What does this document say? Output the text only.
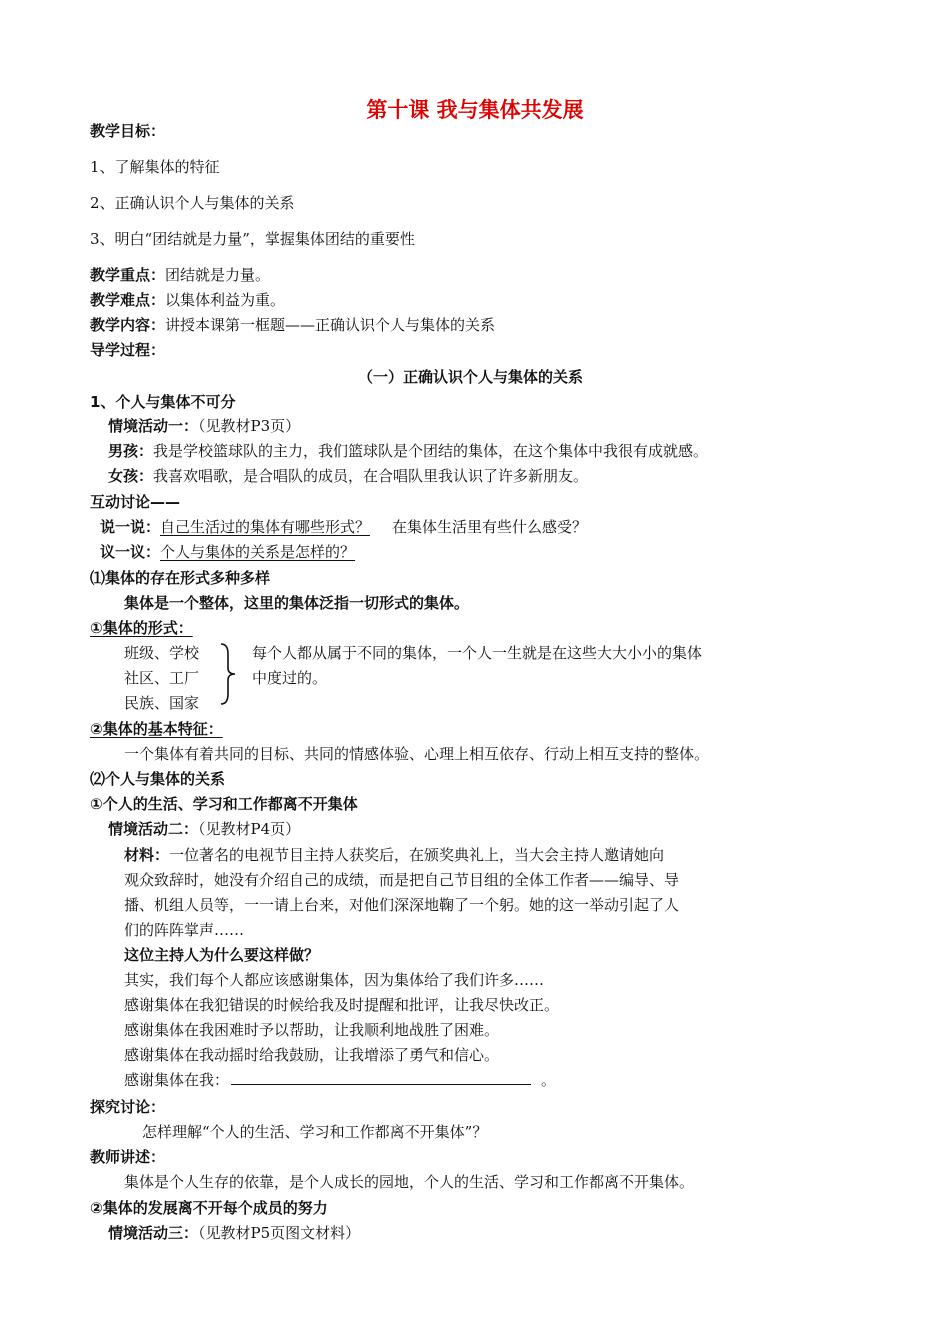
第十课 我与集体共发展
教学目标：
1、了解集体的特征
2、正确认识个人与集体的关系
3、明白“团结就是力量”，掌握集体团结的重要性
教学重点：团结就是力量。
教学难点：以集体利益为重。
教学内容：讲授本课第一框题——正确认识个人与集体的关系
导学过程：
（一）正确认识个人与集体的关系
1、个人与集体不可分
情境活动一：（见教材P3页）
男孩：我是学校篮球队的主力，我们篮球队是个团结的集体，在这个集体中我很有成就感。
女孩：我喜欢唱歌，是合唱队的成员，在合唱队里我认识了许多新朋友。
互动讨论——
说一说：自己生活过的集体有哪些形式？ 在集体生活里有些什么感受？
议一议：个人与集体的关系是怎样的？
⑴集体的存在形式多种多样
集体是一个整体，这里的集体泛指一切形式的集体。
①集体的形式：
班级、学校
社区、工厂
民族、国家
每个人都从属于不同的集体，一个人一生就是在这些大大小小的集体
中度过的。
②集体的基本特征：
一个集体有着共同的目标、共同的情感体验、心理上相互依存、行动上相互支持的整体。
⑵个人与集体的关系
①个人的生活、学习和工作都离不开集体
情境活动二：（见教材P4页）
材料：一位著名的电视节目主持人获奖后，在颁奖典礼上，当大会主持人邀请她向
观众致辞时，她没有介绍自己的成绩，而是把自己节目组的全体工作者——编导、导
播、机组人员等，一一请上台来，对他们深深地鞠了一个躬。她的这一举动引起了人
们的阵阵掌声……
这位主持人为什么要这样做？
其实，我们每个人都应该感谢集体，因为集体给了我们许多……
感谢集体在我犯错误的时候给我及时提醒和批评，让我尽快改正。
感谢集体在我困难时予以帮助，让我顺利地战胜了困难。
感谢集体在我动摇时给我鼓励，让我增添了勇气和信心。
感谢集体在我：	。
探究讨论：
怎样理解“个人的生活、学习和工作都离不开集体”？
教师讲述：
集体是个人生存的依靠，是个人成长的园地，个人的生活、学习和工作都离不开集体。
②集体的发展离不开每个成员的努力
情境活动三：（见教材P5页图文材料）
